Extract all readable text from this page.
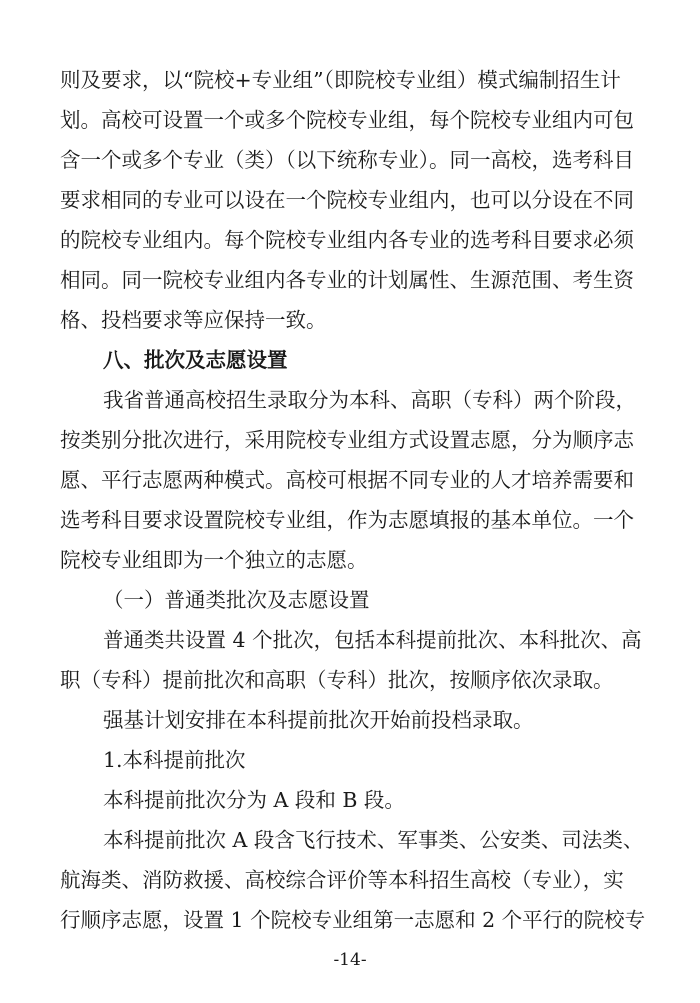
则及要求，以“院校+专业组”（即院校专业组）模式编制招生计
划。高校可设置一个或多个院校专业组，每个院校专业组内可包
含一个或多个专业（类）（以下统称专业）。同一高校，选考科目
要求相同的专业可以设在一个院校专业组内，也可以分设在不同
的院校专业组内。每个院校专业组内各专业的选考科目要求必须
相同。同一院校专业组内各专业的计划属性、生源范围、考生资
格、投档要求等应保持一致。
八、批次及志愿设置
我省普通高校招生录取分为本科、高职（专科）两个阶段，
按类别分批次进行，采用院校专业组方式设置志愿，分为顺序志
愿、平行志愿两种模式。高校可根据不同专业的人才培养需要和
选考科目要求设置院校专业组，作为志愿填报的基本单位。一个
院校专业组即为一个独立的志愿。
（一）普通类批次及志愿设置
普通类共设置 4 个批次，包括本科提前批次、本科批次、高
职（专科）提前批次和高职（专科）批次，按顺序依次录取。
强基计划安排在本科提前批次开始前投档录取。
1.本科提前批次
本科提前批次分为 A 段和 B 段。
本科提前批次 A 段含飞行技术、军事类、公安类、司法类、
航海类、消防救援、高校综合评价等本科招生高校（专业），实
行顺序志愿，设置 1 个院校专业组第一志愿和 2 个平行的院校专
-14-
